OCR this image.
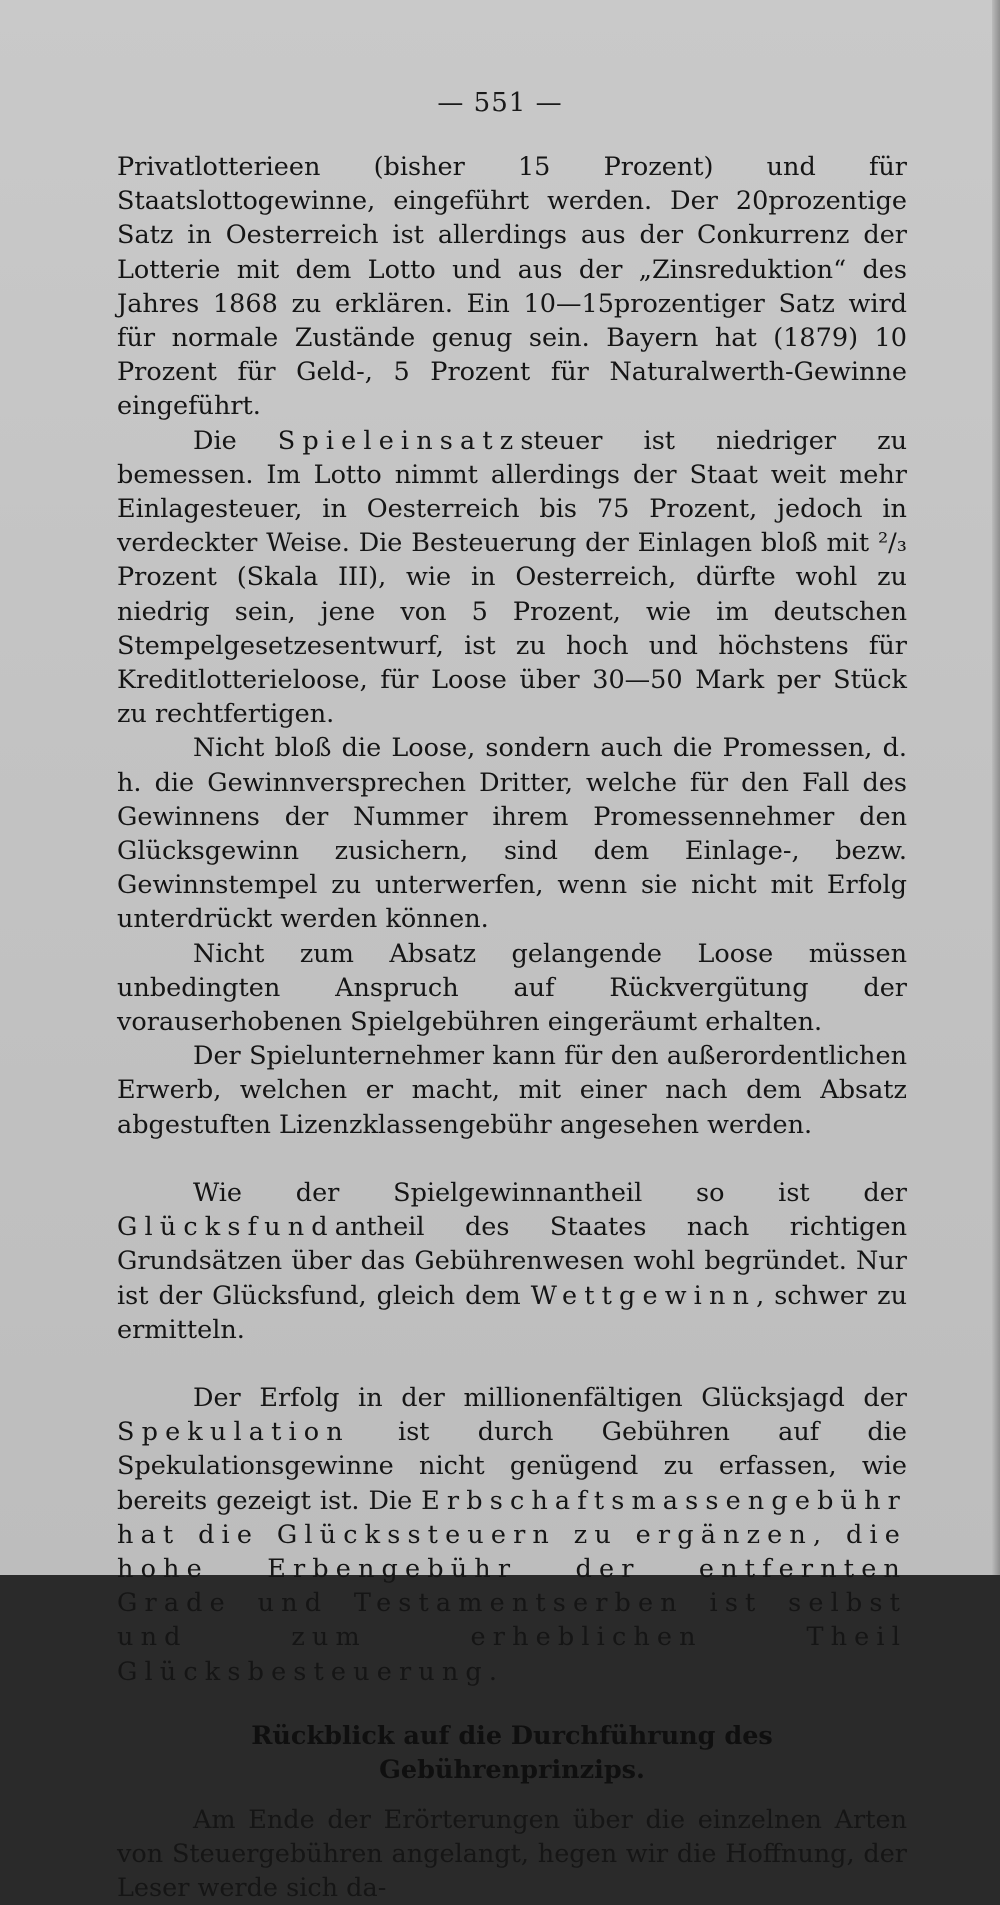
— 551 —

Privatlotterieen (bisher 15 Prozent) und für Staatslottogewinne, eingeführt werden. Der 20prozentige Satz in Oesterreich ist allerdings aus der Conkurrenz der Lotterie mit dem Lotto und aus der „Zinsreduktion“ des Jahres 1868 zu erklären. Ein 10—15prozentiger Satz wird für normale Zustände genug sein. Bayern hat (1879) 10 Prozent für Geld-, 5 Prozent für Naturalwerth-Gewinne eingeführt.

Die Spieleinsatzsteuer ist niedriger zu bemessen. Im Lotto nimmt allerdings der Staat weit mehr Einlagesteuer, in Oesterreich bis 75 Prozent, jedoch in verdeckter Weise. Die Besteuerung der Einlagen bloß mit ²/₃ Prozent (Skala III), wie in Oesterreich, dürfte wohl zu niedrig sein, jene von 5 Prozent, wie im deutschen Stempelgesetzesentwurf, ist zu hoch und höchstens für Kreditlotterieloose, für Loose über 30—50 Mark per Stück zu rechtfertigen.

Nicht bloß die Loose, sondern auch die Promessen, d. h. die Gewinnversprechen Dritter, welche für den Fall des Gewinnens der Nummer ihrem Promessennehmer den Glücksgewinn zusichern, sind dem Einlage-, bezw. Gewinnstempel zu unterwerfen, wenn sie nicht mit Erfolg unterdrückt werden können.

Nicht zum Absatz gelangende Loose müssen unbedingten Anspruch auf Rückvergütung der vorauserhobenen Spielgebühren eingeräumt erhalten.

Der Spielunternehmer kann für den außerordentlichen Erwerb, welchen er macht, mit einer nach dem Absatz abgestuften Lizenzklassengebühr angesehen werden.

Wie der Spielgewinnantheil so ist der Glücksfundantheil des Staates nach richtigen Grundsätzen über das Gebührenwesen wohl begründet. Nur ist der Glücksfund, gleich dem Wettgewinn, schwer zu ermitteln.

Der Erfolg in der millionenfältigen Glücksjagd der Spekulation ist durch Gebühren auf die Spekulationsgewinne nicht genügend zu erfassen, wie bereits gezeigt ist. Die Erbschaftsmassengebühr hat die Glückssteuern zu ergänzen, die hohe Erbengebühr der entfernten Grade und Testamentserben ist selbst und zum erheblichen Theil Glücksbesteuerung.

Rückblick auf die Durchführung des Gebührenprinzips.

Am Ende der Erörterungen über die einzelnen Arten von Steuergebühren angelangt, hegen wir die Hoffnung, der Leser werde sich da-
